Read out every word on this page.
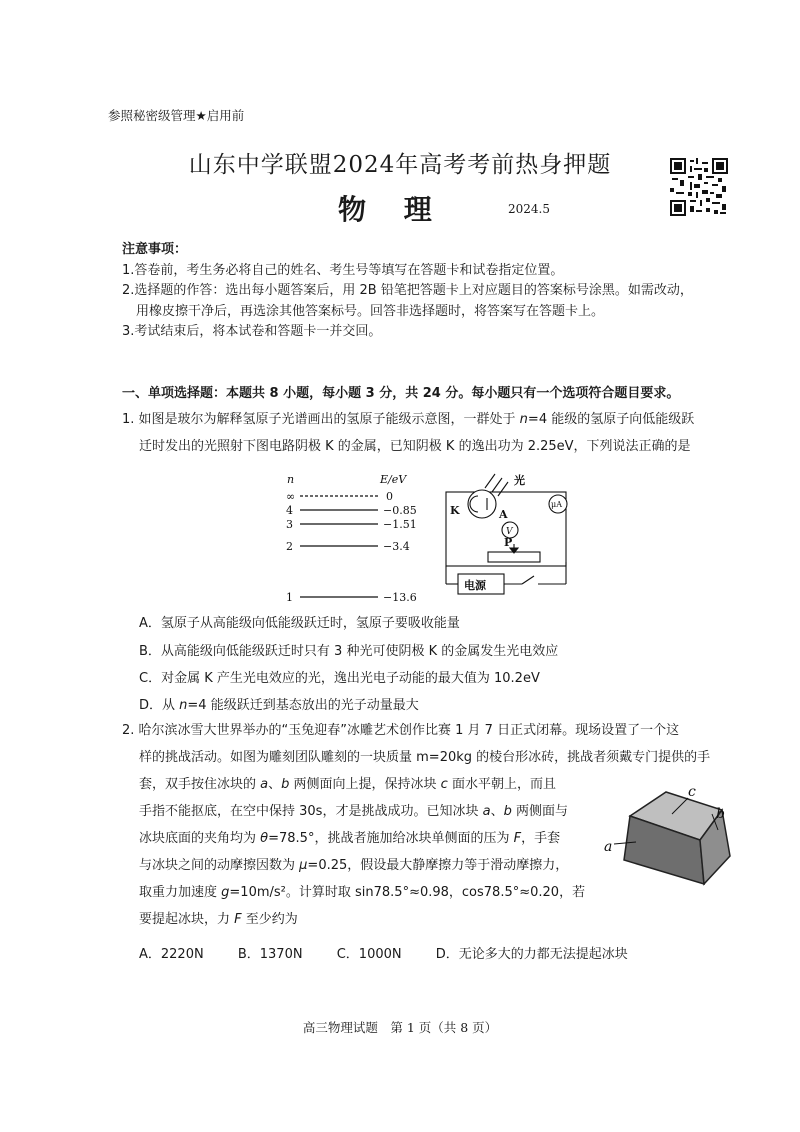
参照秘密级管理★启用前
山东中学联盟2024年高考考前热身押题
物 理	2024.5
注意事项：
1.答卷前，考生务必将自己的姓名、考生号等填写在答题卡和试卷指定位置。
2.选择题的作答：选出每小题答案后，用 2B 铅笔把答题卡上对应题目的答案标号涂黑。如需改动，
用橡皮擦干净后，再选涂其他答案标号。回答非选择题时，将答案写在答题卡上。
3.考试结束后，将本试卷和答题卡一并交回。
一、单项选择题：本题共 8 小题，每小题 3 分，共 24 分。每小题只有一个选项符合题目要求。
1. 如图是玻尔为解释氢原子光谱画出的氢原子能级示意图，一群处于 n=4 能级的氢原子向低能级跃
迁时发出的光照射下图电路阴极 K 的金属，已知阴极 K 的逸出功为 2.25eV，下列说法正确的是
n	E/eV
∞
4
3
2
1
0
−0.85
−1.51
−3.4
−13.6
光
K	A
V
μA
P
电源
A．氢原子从高能级向低能级跃迁时，氢原子要吸收能量
B．从高能级向低能级跃迁时只有 3 种光可使阴极 K 的金属发生光电效应
C．对金属 K 产生光电效应的光，逸出光电子动能的最大值为 10.2eV
D．从 n=4 能级跃迁到基态放出的光子动量最大
2. 哈尔滨冰雪大世界举办的“玉兔迎春”冰雕艺术创作比赛 1 月 7 日正式闭幕。现场设置了一个这
样的挑战活动。如图为雕刻团队雕刻的一块质量 m=20kg 的棱台形冰砖，挑战者须戴专门提供的手
套，双手按住冰块的 a、b 两侧面向上提，保持冰块 c 面水平朝上，而且
手指不能抠底，在空中保持 30s，才是挑战成功。已知冰块 a、b 两侧面与
冰块底面的夹角均为 θ=78.5°，挑战者施加给冰块单侧面的压为 F，手套
与冰块之间的动摩擦因数为 μ=0.25，假设最大静摩擦力等于滑动摩擦力，
取重力加速度 g=10m/s²。计算时取 sin78.5°≈0.98，cos78.5°≈0.20，若
要提起冰块，力 F 至少约为
c
b
a
A．2220N	B．1370N	C．1000N	D．无论多大的力都无法提起冰块
高三物理试题　第 1 页（共 8 页）
